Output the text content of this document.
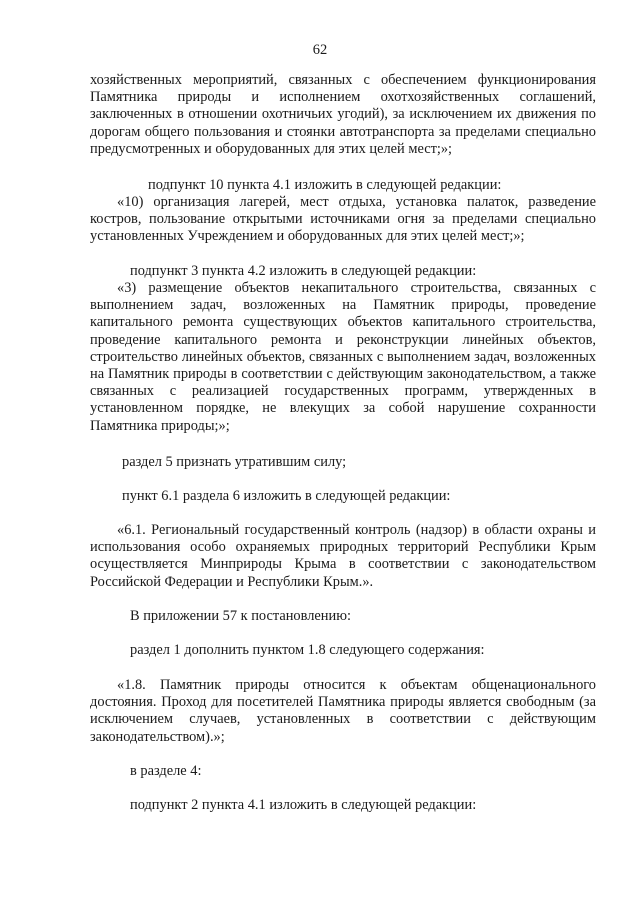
62

хозяйственных мероприятий, связанных с обеспечением функционирования Памятника природы и исполнением охотхозяйственных соглашений, заключенных в отношении охотничьих угодий), за исключением их движения по дорогам общего пользования и стоянки автотранспорта за пределами специально предусмотренных и оборудованных для этих целей мест;»;

подпункт 10 пункта 4.1 изложить в следующей редакции:

«10) организация лагерей, мест отдыха, установка палаток, разведение костров, пользование открытыми источниками огня за пределами специально установленных Учреждением и оборудованных для этих целей мест;»;

подпункт 3 пункта 4.2 изложить в следующей редакции:

«3) размещение объектов некапитального строительства, связанных с выполнением задач, возложенных на Памятник природы, проведение капитального ремонта существующих объектов капитального строительства, проведение капитального ремонта и реконструкции линейных объектов, строительство линейных объектов, связанных с выполнением задач, возложенных на Памятник природы в соответствии с действующим законодательством, а также связанных с реализацией государственных программ, утвержденных в установленном порядке, не влекущих за собой нарушение сохранности Памятника природы;»;

раздел 5 признать утратившим силу;

пункт 6.1 раздела 6 изложить в следующей редакции:

«6.1. Региональный государственный контроль (надзор) в области охраны и использования особо охраняемых природных территорий Республики Крым осуществляется Минприроды Крыма в соответствии с законодательством Российской Федерации и Республики Крым.».

В приложении 57 к постановлению:

раздел 1 дополнить пунктом 1.8 следующего содержания:

«1.8. Памятник природы относится к объектам общенационального достояния. Проход для посетителей Памятника природы является свободным (за исключением случаев, установленных в соответствии с действующим законодательством).»;

в разделе 4:

подпункт 2 пункта 4.1 изложить в следующей редакции:
